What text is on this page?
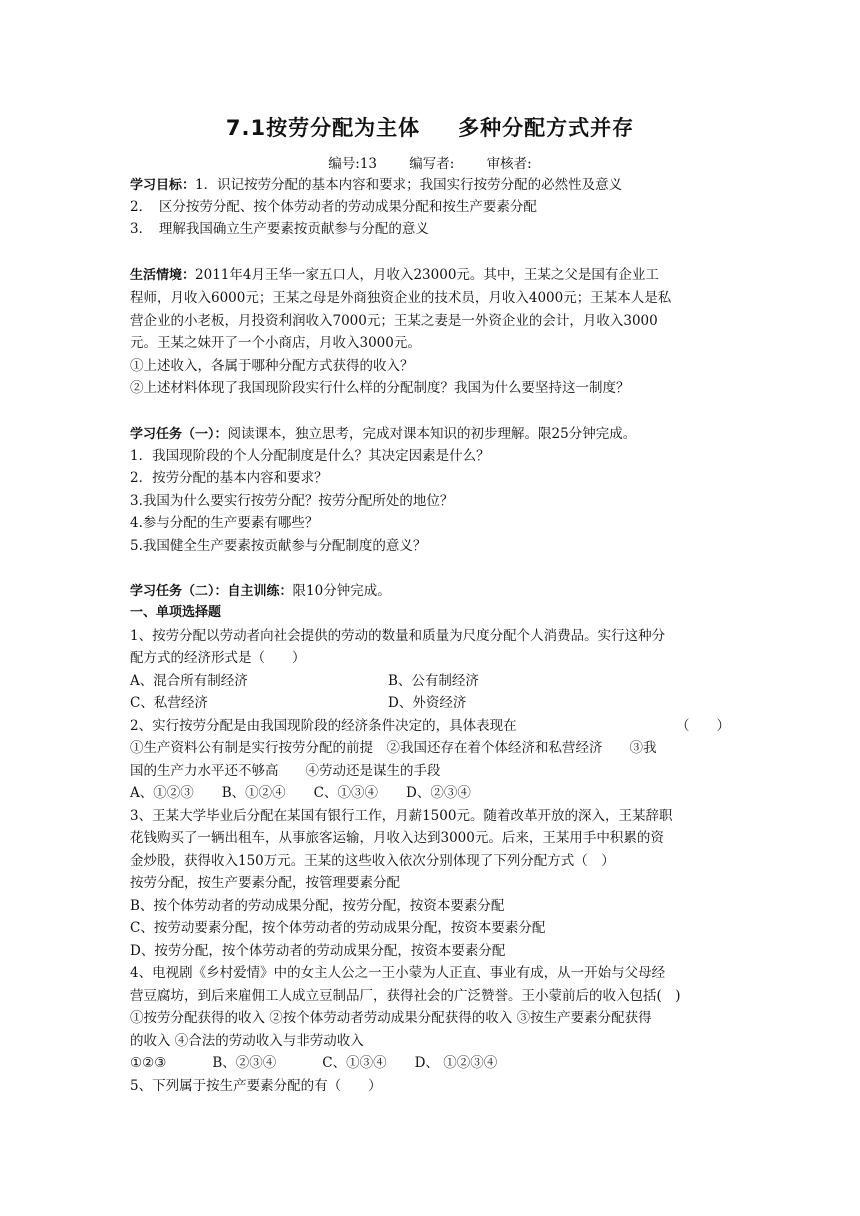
7.1按劳分配为主体 多种分配方式并存
编号:13 编写者: 审核者:
学习目标：1．识记按劳分配的基本内容和要求；我国实行按劳分配的必然性及意义
2．　区分按劳分配、按个体劳动者的劳动成果分配和按生产要素分配
3．　理解我国确立生产要素按贡献参与分配的意义
生活情境：2011年4月王华一家五口人，月收入23000元。其中，王某之父是国有企业工
程师，月收入6000元；王某之母是外商独资企业的技术员，月收入4000元；王某本人是私
营企业的小老板，月投资利润收入7000元；王某之妻是一外资企业的会计，月收入3000
元。王某之妹开了一个小商店，月收入3000元。
①上述收入，各属于哪种分配方式获得的收入？
②上述材料体现了我国现阶段实行什么样的分配制度？我国为什么要坚持这一制度？
学习任务（一）：阅读课本，独立思考，完成对课本知识的初步理解。限25分钟完成。
1．我国现阶段的个人分配制度是什么？其决定因素是什么？
2．按劳分配的基本内容和要求？
3.我国为什么要实行按劳分配？按劳分配所处的地位？
4.参与分配的生产要素有哪些？
5.我国健全生产要素按贡献参与分配制度的意义？
学习任务（二）：自主训练：限10分钟完成。
一、单项选择题
1、按劳分配以劳动者向社会提供的劳动的数量和质量为尺度分配个人消费品。实行这种分
配方式的经济形式是（　　）
A、混合所有制经济	B、公有制经济
C、私营经济	D、外资经济
2、实行按劳分配是由我国现阶段的经济条件决定的，具体表现在	（　　）
①生产资料公有制是实行按劳分配的前提　②我国还存在着个体经济和私营经济　　③我
国的生产力水平还不够高　　④劳动还是谋生的手段
A、①②③ B、①②④ C、①③④ D、②③④
3、王某大学毕业后分配在某国有银行工作，月薪1500元。随着改革开放的深入，王某辞职
花钱购买了一辆出租车，从事旅客运输，月收入达到3000元。后来，王某用手中积累的资
金炒股，获得收入150万元。王某的这些收入依次分别体现了下列分配方式（　）
按劳分配，按生产要素分配，按管理要素分配
B、按个体劳动者的劳动成果分配，按劳分配，按资本要素分配
C、按劳动要素分配，按个体劳动者的劳动成果分配，按资本要素分配
D、按劳分配，按个体劳动者的劳动成果分配，按资本要素分配
4、电视剧《乡村爱情》中的女主人公之一王小蒙为人正直、事业有成，从一开始与父母经
营豆腐坊，到后来雇佣工人成立豆制品厂，获得社会的广泛赞誉。王小蒙前后的收入包括(　)
①按劳分配获得的收入 ②按个体劳动者劳动成果分配获得的收入 ③按生产要素分配获得
的收入 ④合法的劳动收入与非劳动收入
①②③	B、②③④	C、①③④ D、 ①②③④
5、下列属于按生产要素分配的有（　　）
